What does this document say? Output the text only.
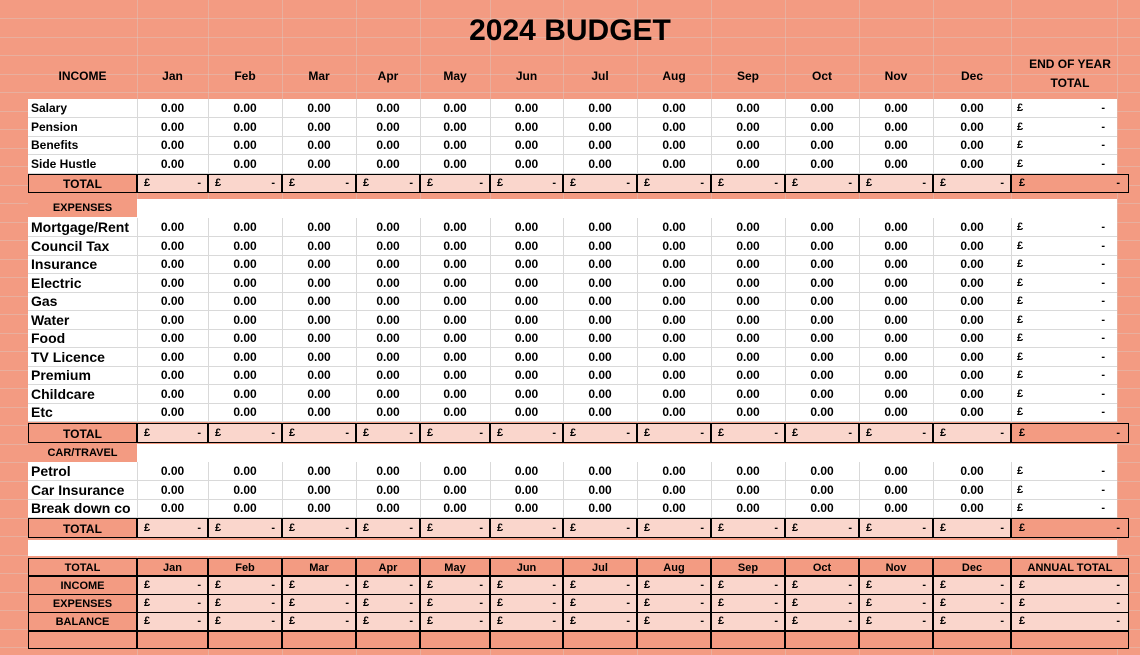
2024 BUDGET
INCOME	Jan	Feb	Mar	Apr	May	Jun	Jul	Aug	Sep	Oct	Nov	Dec
END OF YEAR
TOTAL
Salary	0.00	0.00	0.00	0.00	0.00	0.00	0.00	0.00	0.00	0.00	0.00	0.00	£	-
Pension	0.00	0.00	0.00	0.00	0.00	0.00	0.00	0.00	0.00	0.00	0.00	0.00	£	-
Benefits	0.00	0.00	0.00	0.00	0.00	0.00	0.00	0.00	0.00	0.00	0.00	0.00	£	-
Side Hustle	0.00	0.00	0.00	0.00	0.00	0.00	0.00	0.00	0.00	0.00	0.00	0.00	£	-
TOTAL	£	- £	- £	- £	- £	- £	- £	- £	- £	- £	- £	- £	- £	-
EXPENSES
Mortgage/Rent	0.00	0.00	0.00	0.00	0.00	0.00	0.00	0.00	0.00	0.00	0.00	0.00	£	-
Council Tax	0.00	0.00	0.00	0.00	0.00	0.00	0.00	0.00	0.00	0.00	0.00	0.00	£	-
Insurance	0.00	0.00	0.00	0.00	0.00	0.00	0.00	0.00	0.00	0.00	0.00	0.00	£	-
Electric	0.00	0.00	0.00	0.00	0.00	0.00	0.00	0.00	0.00	0.00	0.00	0.00	£	-
Gas	0.00	0.00	0.00	0.00	0.00	0.00	0.00	0.00	0.00	0.00	0.00	0.00	£	-
Water	0.00	0.00	0.00	0.00	0.00	0.00	0.00	0.00	0.00	0.00	0.00	0.00	£	-
Food	0.00	0.00	0.00	0.00	0.00	0.00	0.00	0.00	0.00	0.00	0.00	0.00	£	-
TV Licence	0.00	0.00	0.00	0.00	0.00	0.00	0.00	0.00	0.00	0.00	0.00	0.00	£	-
Premium	0.00	0.00	0.00	0.00	0.00	0.00	0.00	0.00	0.00	0.00	0.00	0.00	£	-
Childcare	0.00	0.00	0.00	0.00	0.00	0.00	0.00	0.00	0.00	0.00	0.00	0.00	£	-
Etc	0.00	0.00	0.00	0.00	0.00	0.00	0.00	0.00	0.00	0.00	0.00	0.00	£	-
TOTAL	£	- £	- £	- £	- £	- £	- £	- £	- £	- £	- £	- £	- £	-
CAR/TRAVEL
Petrol	0.00	0.00	0.00	0.00	0.00	0.00	0.00	0.00	0.00	0.00	0.00	0.00	£	-
Car Insurance	0.00	0.00	0.00	0.00	0.00	0.00	0.00	0.00	0.00	0.00	0.00	0.00	£	-
Break down co	0.00	0.00	0.00	0.00	0.00	0.00	0.00	0.00	0.00	0.00	0.00	0.00	£	-
TOTAL	£	- £	- £	- £	- £	- £	- £	- £	- £	- £	- £	- £	- £	-
TOTAL	Jan	Feb	Mar	Apr	May	Jun	Jul	Aug	Sep	Oct	Nov	Dec	ANNUAL TOTAL
INCOME	£	- £	- £	- £	- £	- £	- £	- £	- £	- £	- £	- £	- £	-
EXPENSES	£	- £	- £	- £	- £	- £	- £	- £	- £	- £	- £	- £	- £	-
BALANCE	£	- £	- £	- £	- £	- £	- £	- £	- £	- £	- £	- £	- £	-
